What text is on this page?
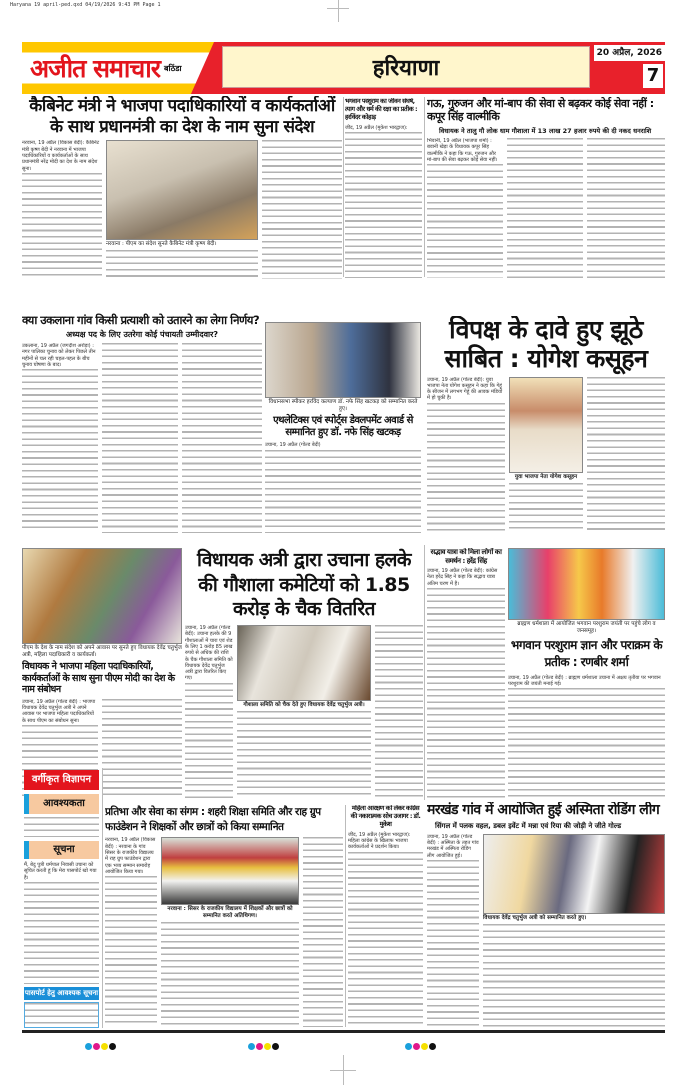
Haryana 19 april-ped.qxd 04/19/2026 9:43 PM Page 1
अजीत समाचार बठिंडा	हरियाणा
20 अप्रैल, 2026
7
कैबिनेट मंत्री ने भाजपा पदाधिकारियों व कार्यकर्ताओं के साथ प्रधानमंत्री का देश के नाम सुना संदेश
नरवाना, 19 अप्रैल (विकास बेदी): कैबिनेट मंत्री कृष्ण बेदी ने नरवाना में भाजपा पदाधिकारियों व कार्यकर्ताओं के साथ प्रधानमंत्री नरेंद्र मोदी का देश के नाम संदेश सुना।
नरवाना : पीएम का संदेश सुनते कैबिनेट मंत्री कृष्ण बेदी।
भगवान परशुराम का जीवन संघर्ष, त्याग और धर्म की रक्षा का प्रतीक : हरविंदर कोहाड़
जींद, 19 अप्रैल (मुकेश भारद्वाज):
गऊ, गुरुजन और मां-बाप की सेवा से बढ़कर कोई सेवा नहीं : कपूर सिंह वाल्मीकि
विधायक ने तालु गौ लोक धाम गौशाला में 13 लाख 27 हजार रुपये की दी नकद धनराशि
भिवानी, 19 अप्रैल (भाजपा शर्मा) : बवानी खेड़ा के विधायक कपूर सिंह वाल्मीकि ने कहा कि गऊ, गुरुजन और मां-बाप की सेवा बढ़कर कोई सेवा नहीं।
क्या उकलाना गांव किसी प्रत्याशी को उतारने का लेगा निर्णय?
अध्यक्ष पद के लिए उतरेगा कोई पंचायती उम्मीदवार?
उकलाना, 19 अप्रैल (जगदीश अरोड़ा) : नगर पालिका चुनाव को लेकर पिछले तीन महीनों से चल रही चहल-पहल के बीच चुनाव घोषणा के बाद।
विधानसभा स्पीकर हरविंद कल्याण डॉ. नफे सिंह खटकड़ को सम्मानित करते हुए।
एथलेटिक्स एवं स्पोर्ट्स डेवलपमेंट अवार्ड से सम्मानित हुए डॉ. नफे सिंह खटकड़
उचाना, 19 अप्रैल (गोल्ड बेदी)
विपक्ष के दावे हुए झूठे साबित : योगेश कसूहन
उचाना, 19 अप्रैल (गोल्ड बेदी): युवा भाजपा नेता योगेश कसूहन ने कहा कि गेहूं के सीजन में लगभग गेहूं की आवक मंडियों में हो चुकी है।
युवा भाजपा नेता योगेश कसूहन
पीएम के देश के नाम संदेश को अपने आवास पर सुनते हुए विधायक देवेंद्र चतुर्भुज अत्री, महिला पदाधिकारी व कार्यकर्ता।
विधायक ने भाजपा महिला पदाधिकारियों, कार्यकर्ताओं के साथ सुना पीएम मोदी का देश के नाम संबोधन
उचाना, 19 अप्रैल (गोल्ड बेदी) : भाजपा विधायक देवेंद्र चतुर्भुज अत्री ने अपने आवास पर भाजपा महिला पदाधिकारियों के साथ पीएम का संबोधन सुना।
विधायक अत्री द्वारा उचाना हलके की गौशाला कमेटियों को 1.85 करोड़ के चैक वितरित
उचाना, 19 अप्रैल (गोल्ड बेदी): उचाना हलके की 9 गौशालाओं में चारा एवं शेड के लिए 1 करोड़ 85 लाख रुपये से अधिक की राशि के चैक गौशाला समिति को विधायक देवेंद्र चतुर्भुज अत्री द्वारा वितरित किए गए।
गौशाला समिति को चैक देते हुए विधायक देवेंद्र चतुर्भुज अत्री।
सद्भाव यात्रा को मिला लोगों का समर्थन : हरेंद्र सिंह
उचाना, 19 अप्रैल (गोल्ड बेदी): कांग्रेस नेता हरेंद्र सिंह ने कहा कि सद्भाव यात्रा अंतिम चरण में है।
ब्राह्मण धर्मशाला में आयोजित भगवान परशुराम जयंती पर पहुंचे लोग व जनसमूह।
भगवान परशुराम ज्ञान और पराक्रम के प्रतीक : रणबीर शर्मा
उचाना, 19 अप्रैल (गोल्ड बेदी) : ब्राह्मण धर्मशाला उचाना में अक्षय तृतीया पर भगवान परशुराम की जयंती मनाई गई।
वर्गीकृत विज्ञापन
आवश्यकता
सूचना
मैं, बेदु पुत्री धर्मपाल निवासी उचाना को सूचित करती हूं कि मेरा पासपोर्ट खो गया है।
पासपोर्ट हेतु आवश्यक सूचना
प्रतिभा और सेवा का संगम : शहरी शिक्षा समिति और राह ग्रुप फाउंडेशन ने शिक्षकों और छात्रों को किया सम्मानित
नरवाना, 19 अप्रैल (विकास बेदी) : नरवाना के गांव सिसर के राजकीय विद्यालय में राह ग्रुप फाउंडेशन द्वारा एक भव्य सम्मान समारोह आयोजित किया गया।
नरवाना : सिसर के राजकीय विद्यालय में शिक्षकों और छात्रों को सम्मानित करते अतिथिगण।
महिला आरक्षण को लेकर कांग्रेस की नकारात्मक सोच उजागर : डॉ. मुकेश
जींद, 19 अप्रैल (मुकेश भारद्वाज): महिला कांग्रेस के खिलाफ भाजपा कार्यकर्ताओं ने प्रदर्शन किया।
मरखंड गांव में आयोजित हुई अस्मिता रोडिंग लीग
सिंगल में पलक वहल, डबल इवेंट में मन्ना एवं रिया की जोड़ी ने जीते गोल्ड
उचाना, 19 अप्रैल (गोल्ड बेदी) : अस्मिता के तहत गांव मरखंड में अस्मिता रोडिंग लीग आयोजित हुई।
विधायक देवेंद्र चतुर्भुज अत्री को सम्मानित करते हुए।
